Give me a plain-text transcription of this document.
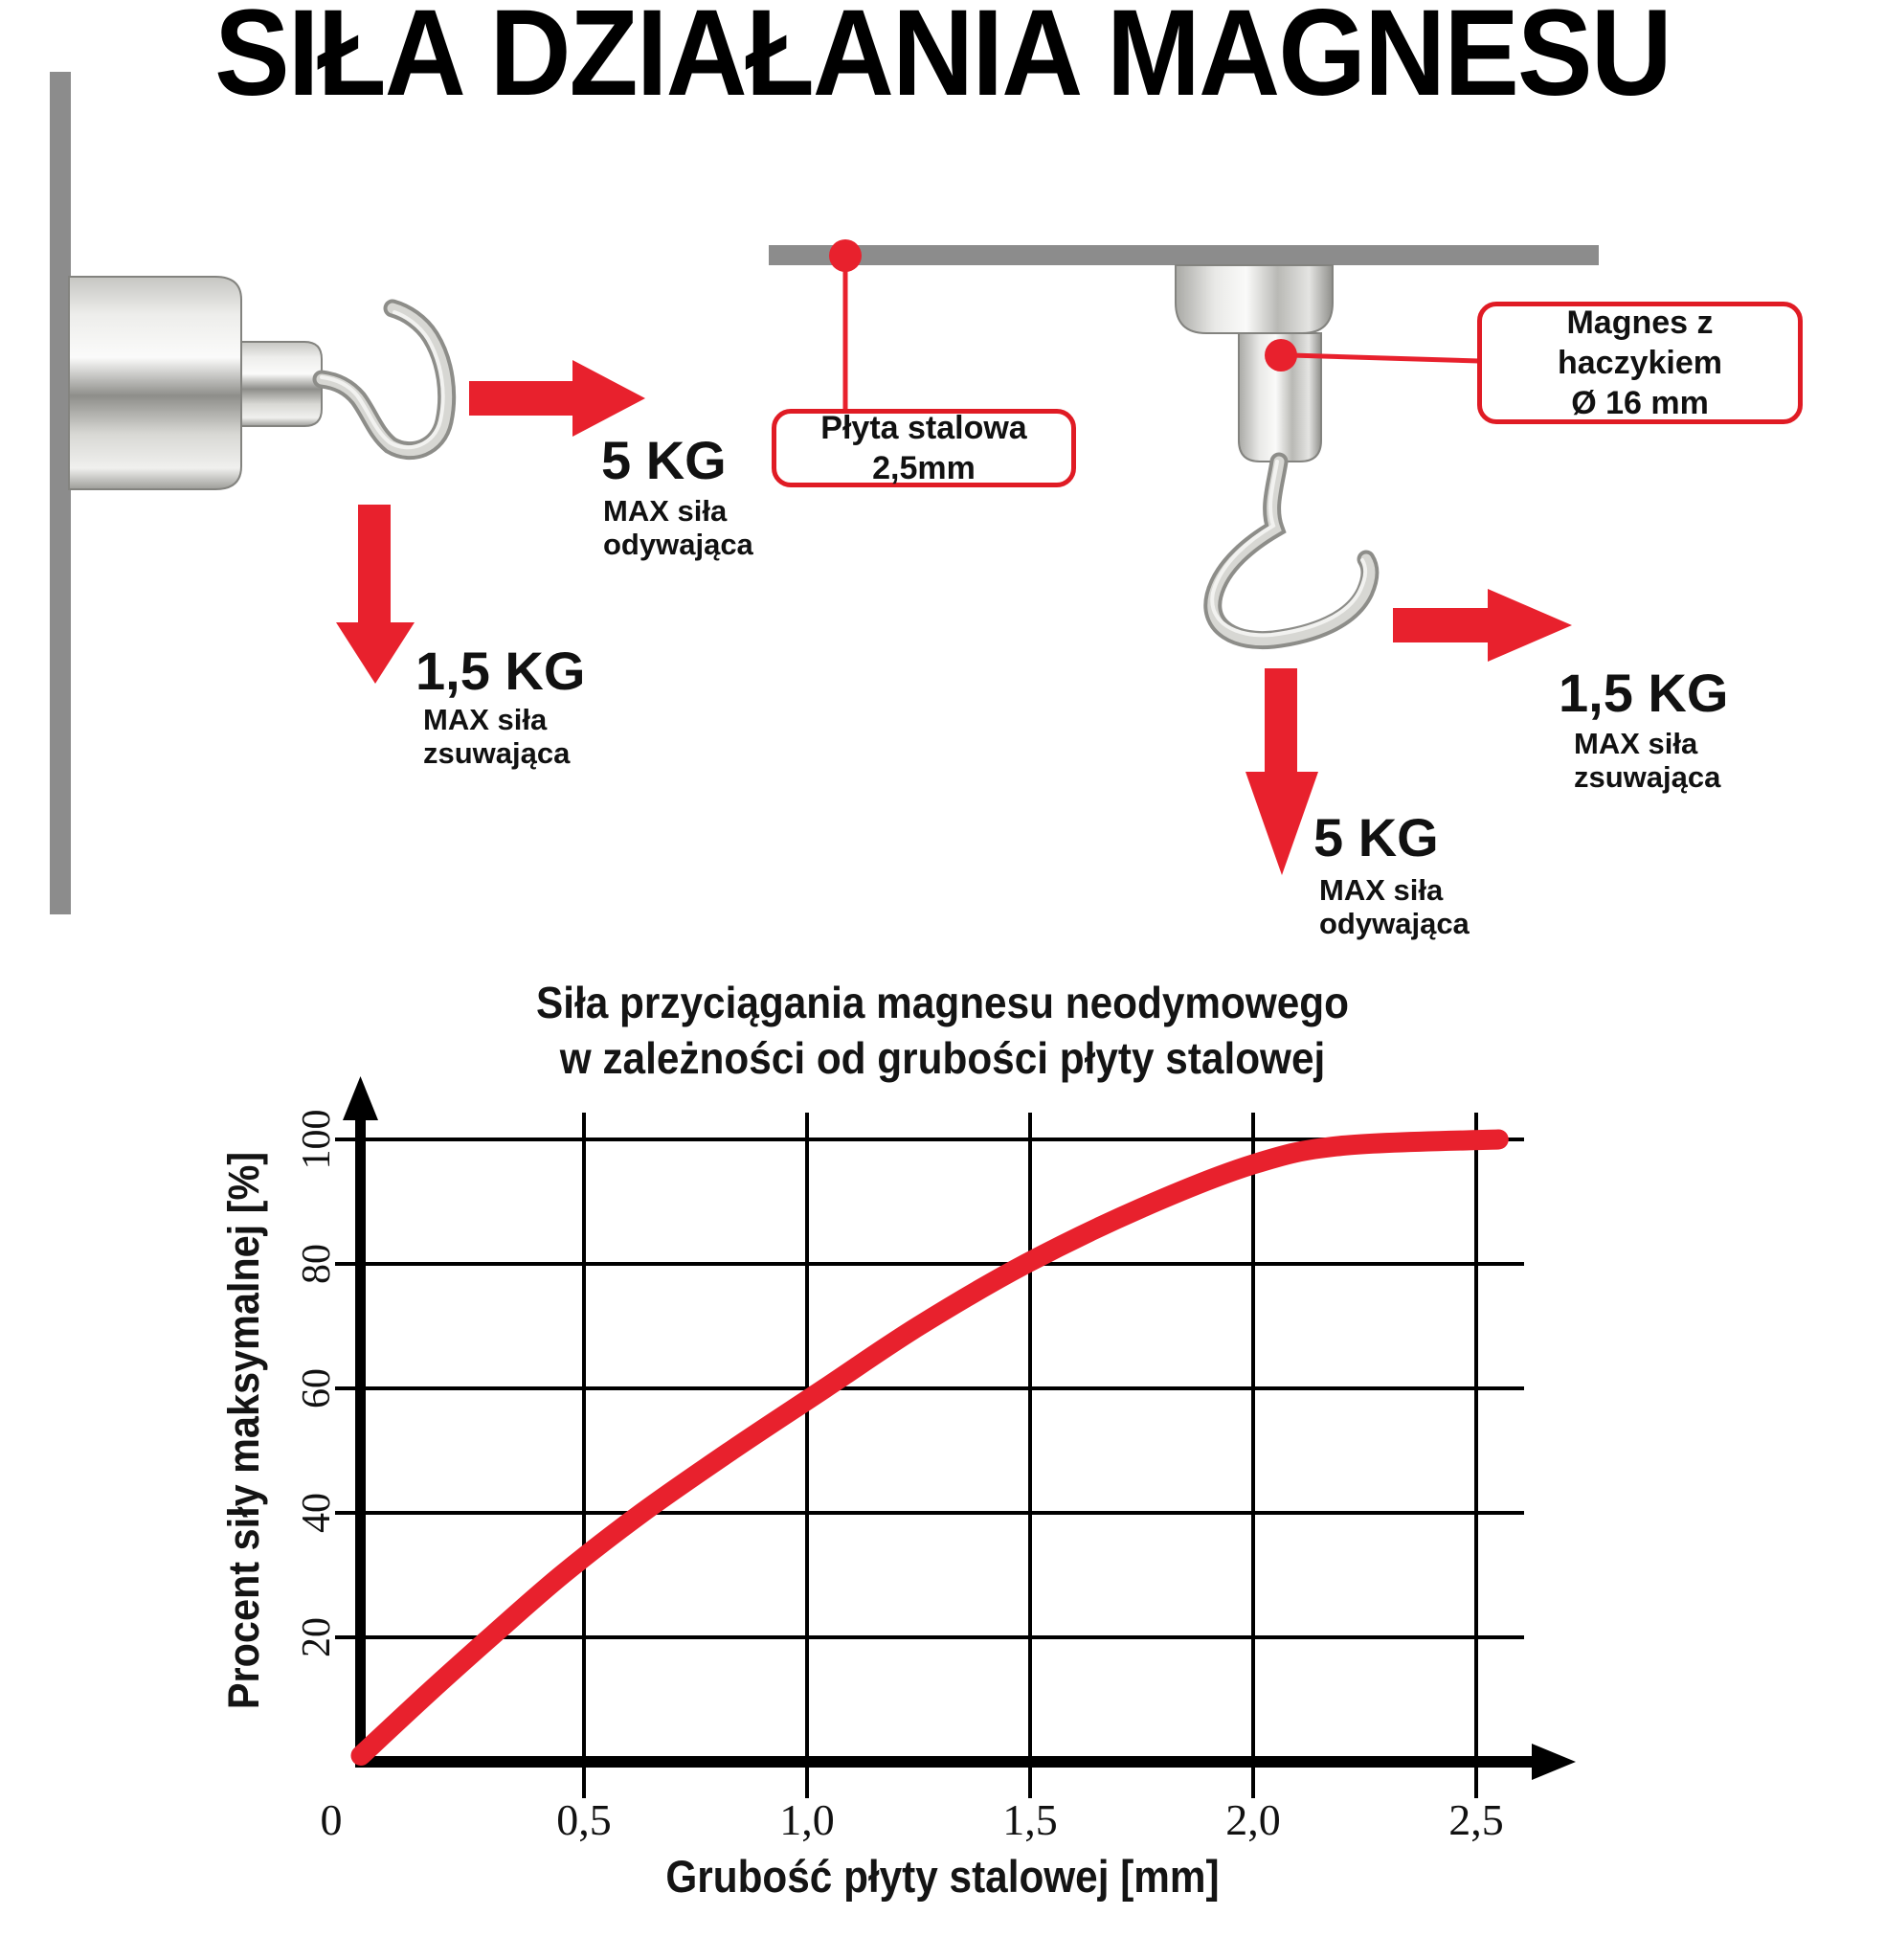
20
40
60
80
100
0	0,5	1,0	1,5	2,0	2,5
SIŁA DZIAŁANIA MAGNESU
5 KG
MAX siła
odywająca
1,5 KG
MAX siła
zsuwająca
Płyta stalowa 2,5mm
Magnes z haczykiem
Ø 16 mm
1,5 KG
MAX siła
zsuwająca
5 KG
MAX siła
odywająca
Siła przyciągania magnesu neodymowego
w zależności od grubości płyty stalowej
Procent siły maksymalnej [%]
Grubość płyty stalowej [mm]
